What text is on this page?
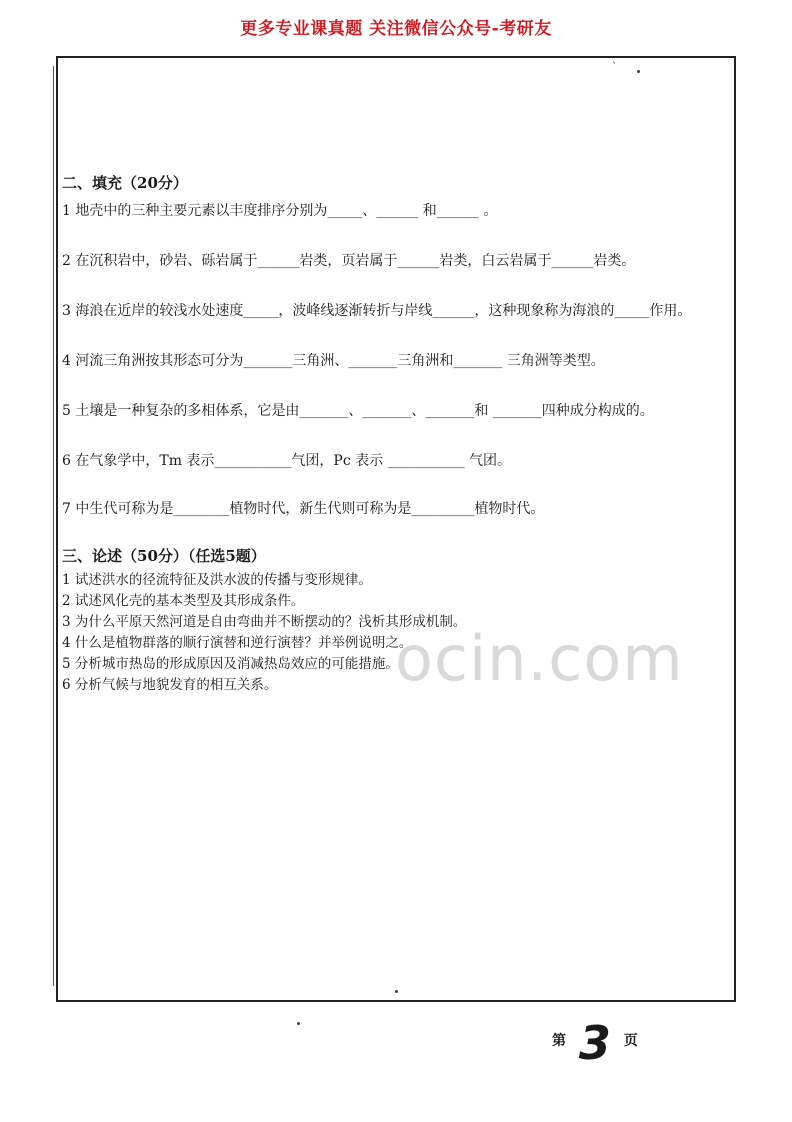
更多专业课真题 关注微信公众号-考研友
ˋ
二、填充（20分）
1 地壳中的三种主要元素以丰度排序分别为_____、______ 和______ 。
2 在沉积岩中，砂岩、砾岩属于______岩类，页岩属于______岩类，白云岩属于______岩类。
3 海浪在近岸的较浅水处速度_____，波峰线逐渐转折与岸线______，这种现象称为海浪的_____作用。
4 河流三角洲按其形态可分为_______三角洲、_______三角洲和_______ 三角洲等类型。
5 土壤是一种复杂的多相体系，它是由_______、_______、_______和 _______四种成分构成的。
6 在气象学中，Tm 表示___________气团，Pc 表示 ___________ 气团。
7 中生代可称为是________植物时代，新生代则可称为是_________植物时代。
三、论述（50分）（任选5题）
1 试述洪水的径流特征及洪水波的传播与变形规律。
2 试述风化壳的基本类型及其形成条件。
3 为什么平原天然河道是自由弯曲并不断摆动的？浅析其形成机制。
4 什么是植物群落的顺行演替和逆行演替？并举例说明之。
5 分析城市热岛的形成原因及消减热岛效应的可能措施。
6 分析气候与地貌发育的相互关系。	ocin.com
第 3 页
